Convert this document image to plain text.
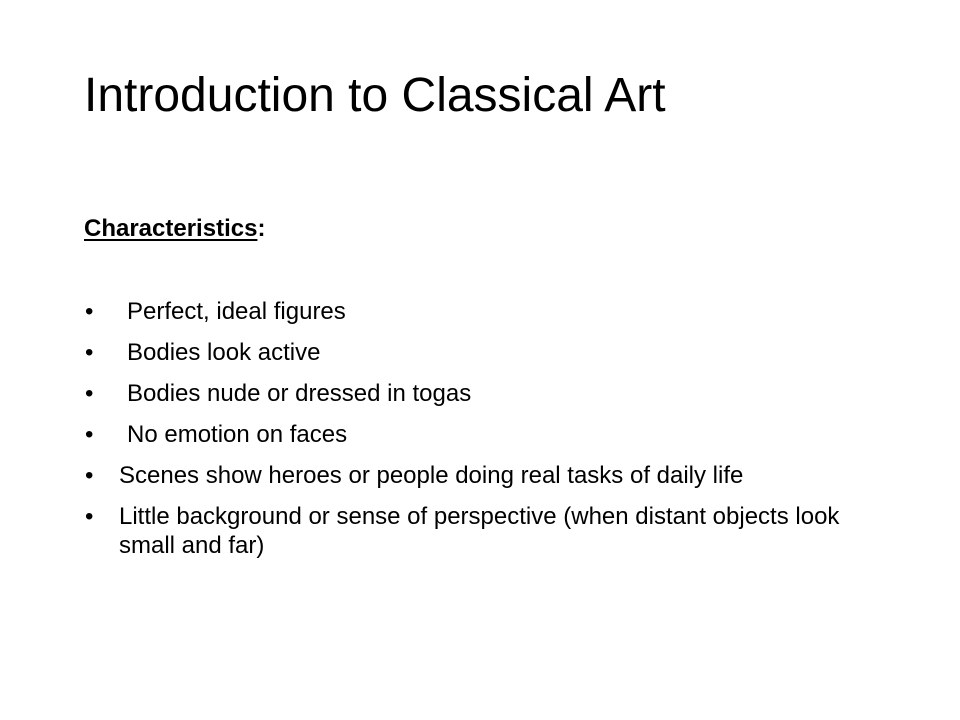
Introduction to Classical Art

Characteristics:

• Perfect, ideal figures
• Bodies look active
• Bodies nude or dressed in togas
• No emotion on faces
• Scenes show heroes or people doing real tasks of daily life
• Little background or sense of perspective (when distant objects look small and far)
